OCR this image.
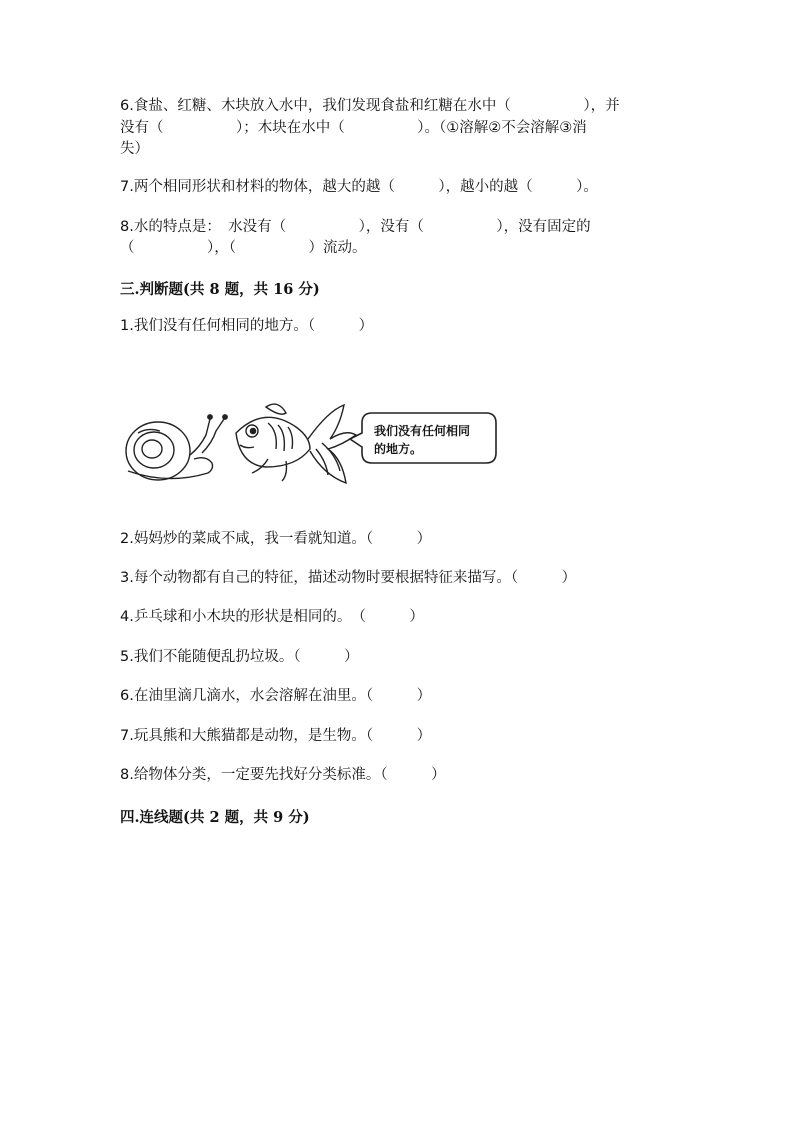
6.食盐、红糖、木块放入水中，我们发现食盐和红糖在水中（　　　　　），并
没有（　　　　　）；木块在水中（　　　　　）。（①溶解②不会溶解③消
失）
7.两个相同形状和材料的物体，越大的越（　　　），越小的越（　　　）。
8.水的特点是：　水没有（　　　　　），没有（　　　　　），没有固定的
（　　　　　），（　　　　　）流动。
三.判断题(共 8 题，共 16 分)
1.我们没有任何相同的地方。（　　　）
我们没有任何相同
的地方。
2.妈妈炒的菜咸不咸，我一看就知道。（　　　）
3.每个动物都有自己的特征，描述动物时要根据特征来描写。（　　　）
4.乒乓球和小木块的形状是相同的。　（　　　）
5.我们不能随便乱扔垃圾。（　　　）
6.在油里滴几滴水，水会溶解在油里。（　　　）
7.玩具熊和大熊猫都是动物，是生物。（　　　）
8.给物体分类，一定要先找好分类标准。（　　　）
四.连线题(共 2 题，共 9 分)
